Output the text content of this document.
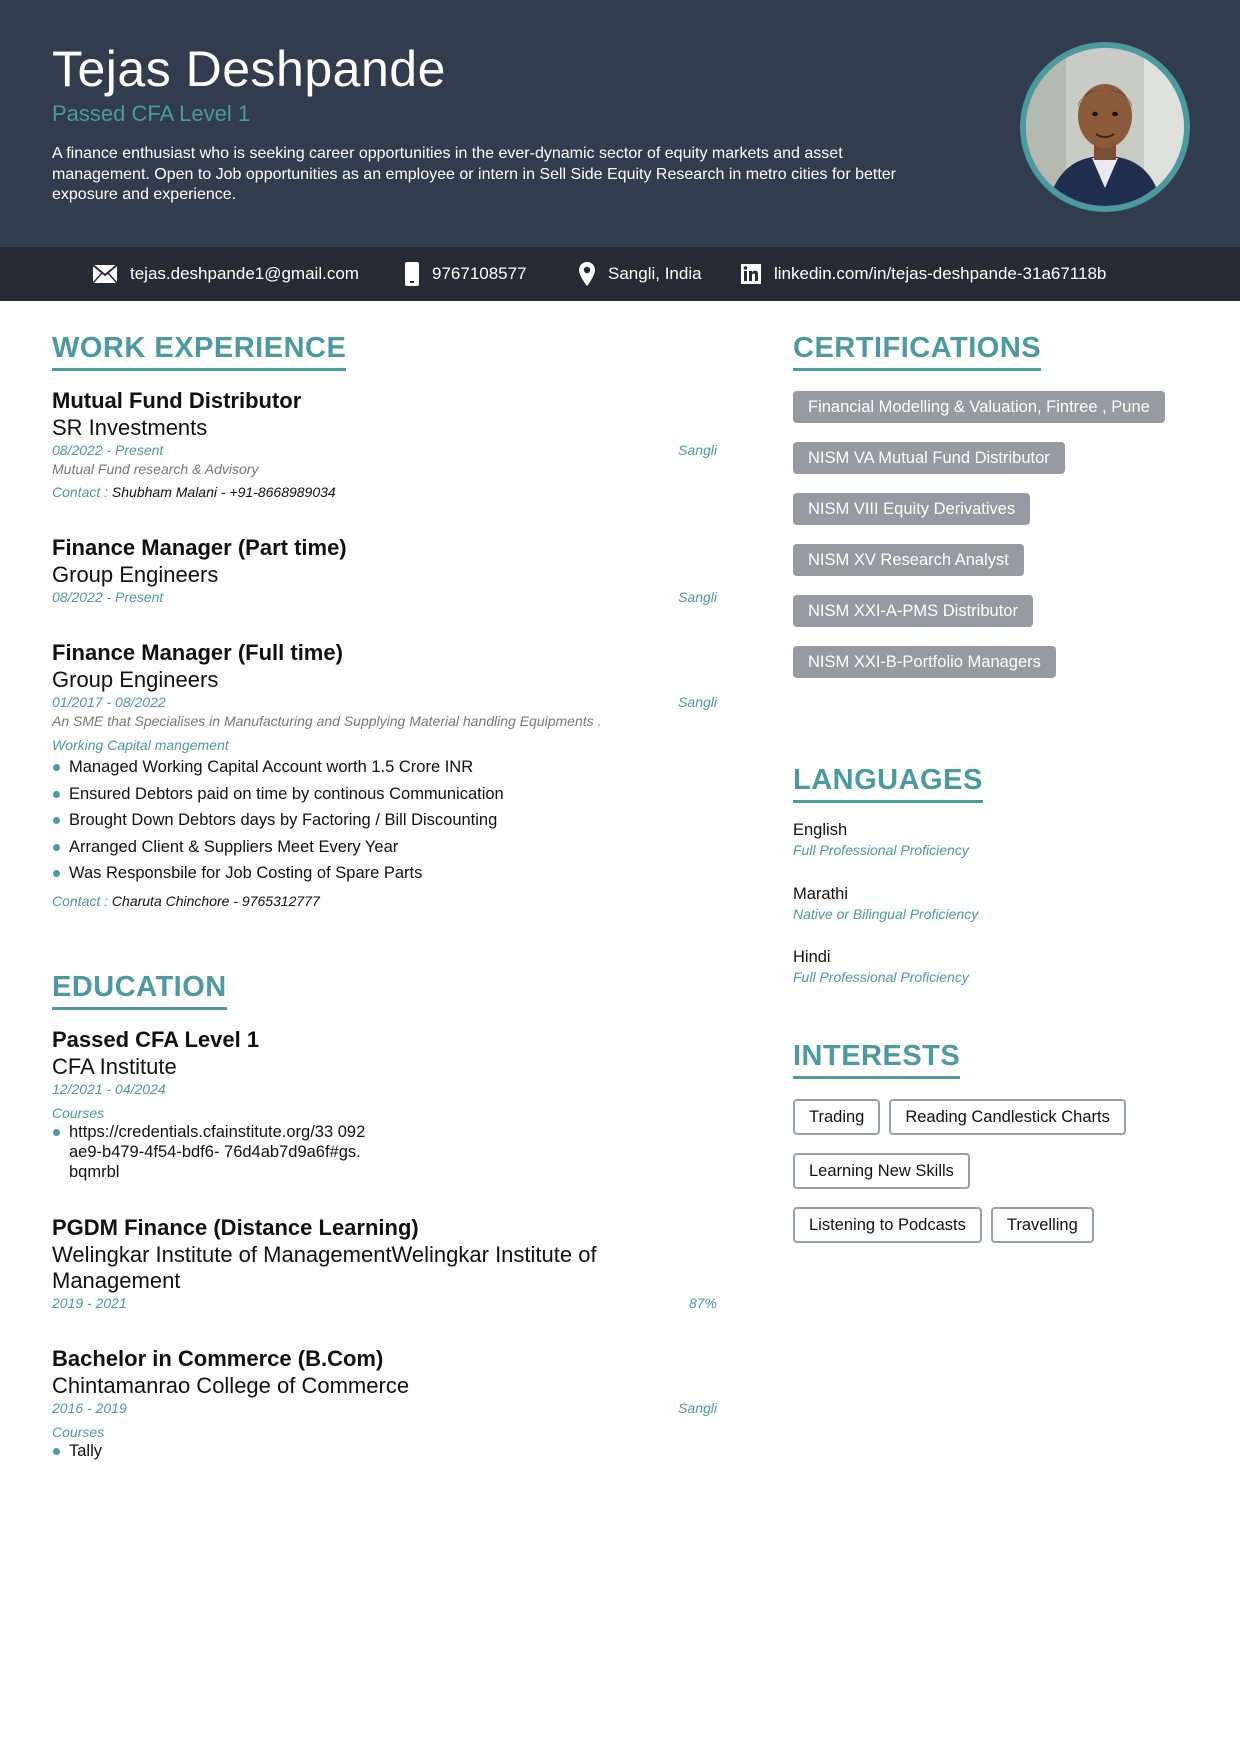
Tejas Deshpande
Passed CFA Level 1
A finance enthusiast who is seeking career opportunities in the ever-dynamic sector of equity markets and asset management. Open to Job opportunities as an employee or intern in Sell Side Equity Research in metro cities for better exposure and experience.
tejas.deshpande1@gmail.com	9767108577	Sangli, India	linkedin.com/in/tejas-deshpande-31a67118b
WORK EXPERIENCE
Mutual Fund Distributor
SR Investments
08/2022 - Present	Sangli
Mutual Fund research & Advisory
Contact : Shubham Malani - +91-8668989034
Finance Manager (Part time)
Group Engineers
08/2022 - Present	Sangli
Finance Manager (Full time)
Group Engineers
01/2017 - 08/2022	Sangli
An SME that Specialises in Manufacturing and Supplying Material handling Equipments .
Working Capital mangement
Managed Working Capital Account worth 1.5 Crore INR
Ensured Debtors paid on time by continous Communication
Brought Down Debtors days by Factoring / Bill Discounting
Arranged Client & Suppliers Meet Every Year
Was Responsbile for Job Costing of Spare Parts
Contact : Charuta Chinchore - 9765312777
EDUCATION
Passed CFA Level 1
CFA Institute
12/2021 - 04/2024
Courses
https://credentials.cfainstitute.org/33 092ae9-b479-4f54-bdf6- 76d4ab7d9a6f#gs.bqmrbl
PGDM Finance (Distance Learning)
Welingkar Institute of ManagementWelingkar Institute of Management
2019 - 2021	87%
Bachelor in Commerce (B.Com)
Chintamanrao College of Commerce
2016 - 2019	Sangli
Courses
Tally
CERTIFICATIONS
Financial Modelling & Valuation, Fintree , Pune
NISM VA Mutual Fund Distributor
NISM VIII Equity Derivatives
NISM XV Research Analyst
NISM XXI-A-PMS Distributor
NISM XXI-B-Portfolio Managers
LANGUAGES
English
Full Professional Proficiency
Marathi
Native or Bilingual Proficiency
Hindi
Full Professional Proficiency
INTERESTS
Trading Reading Candlestick Charts
Learning New Skills
Listening to Podcasts Travelling
